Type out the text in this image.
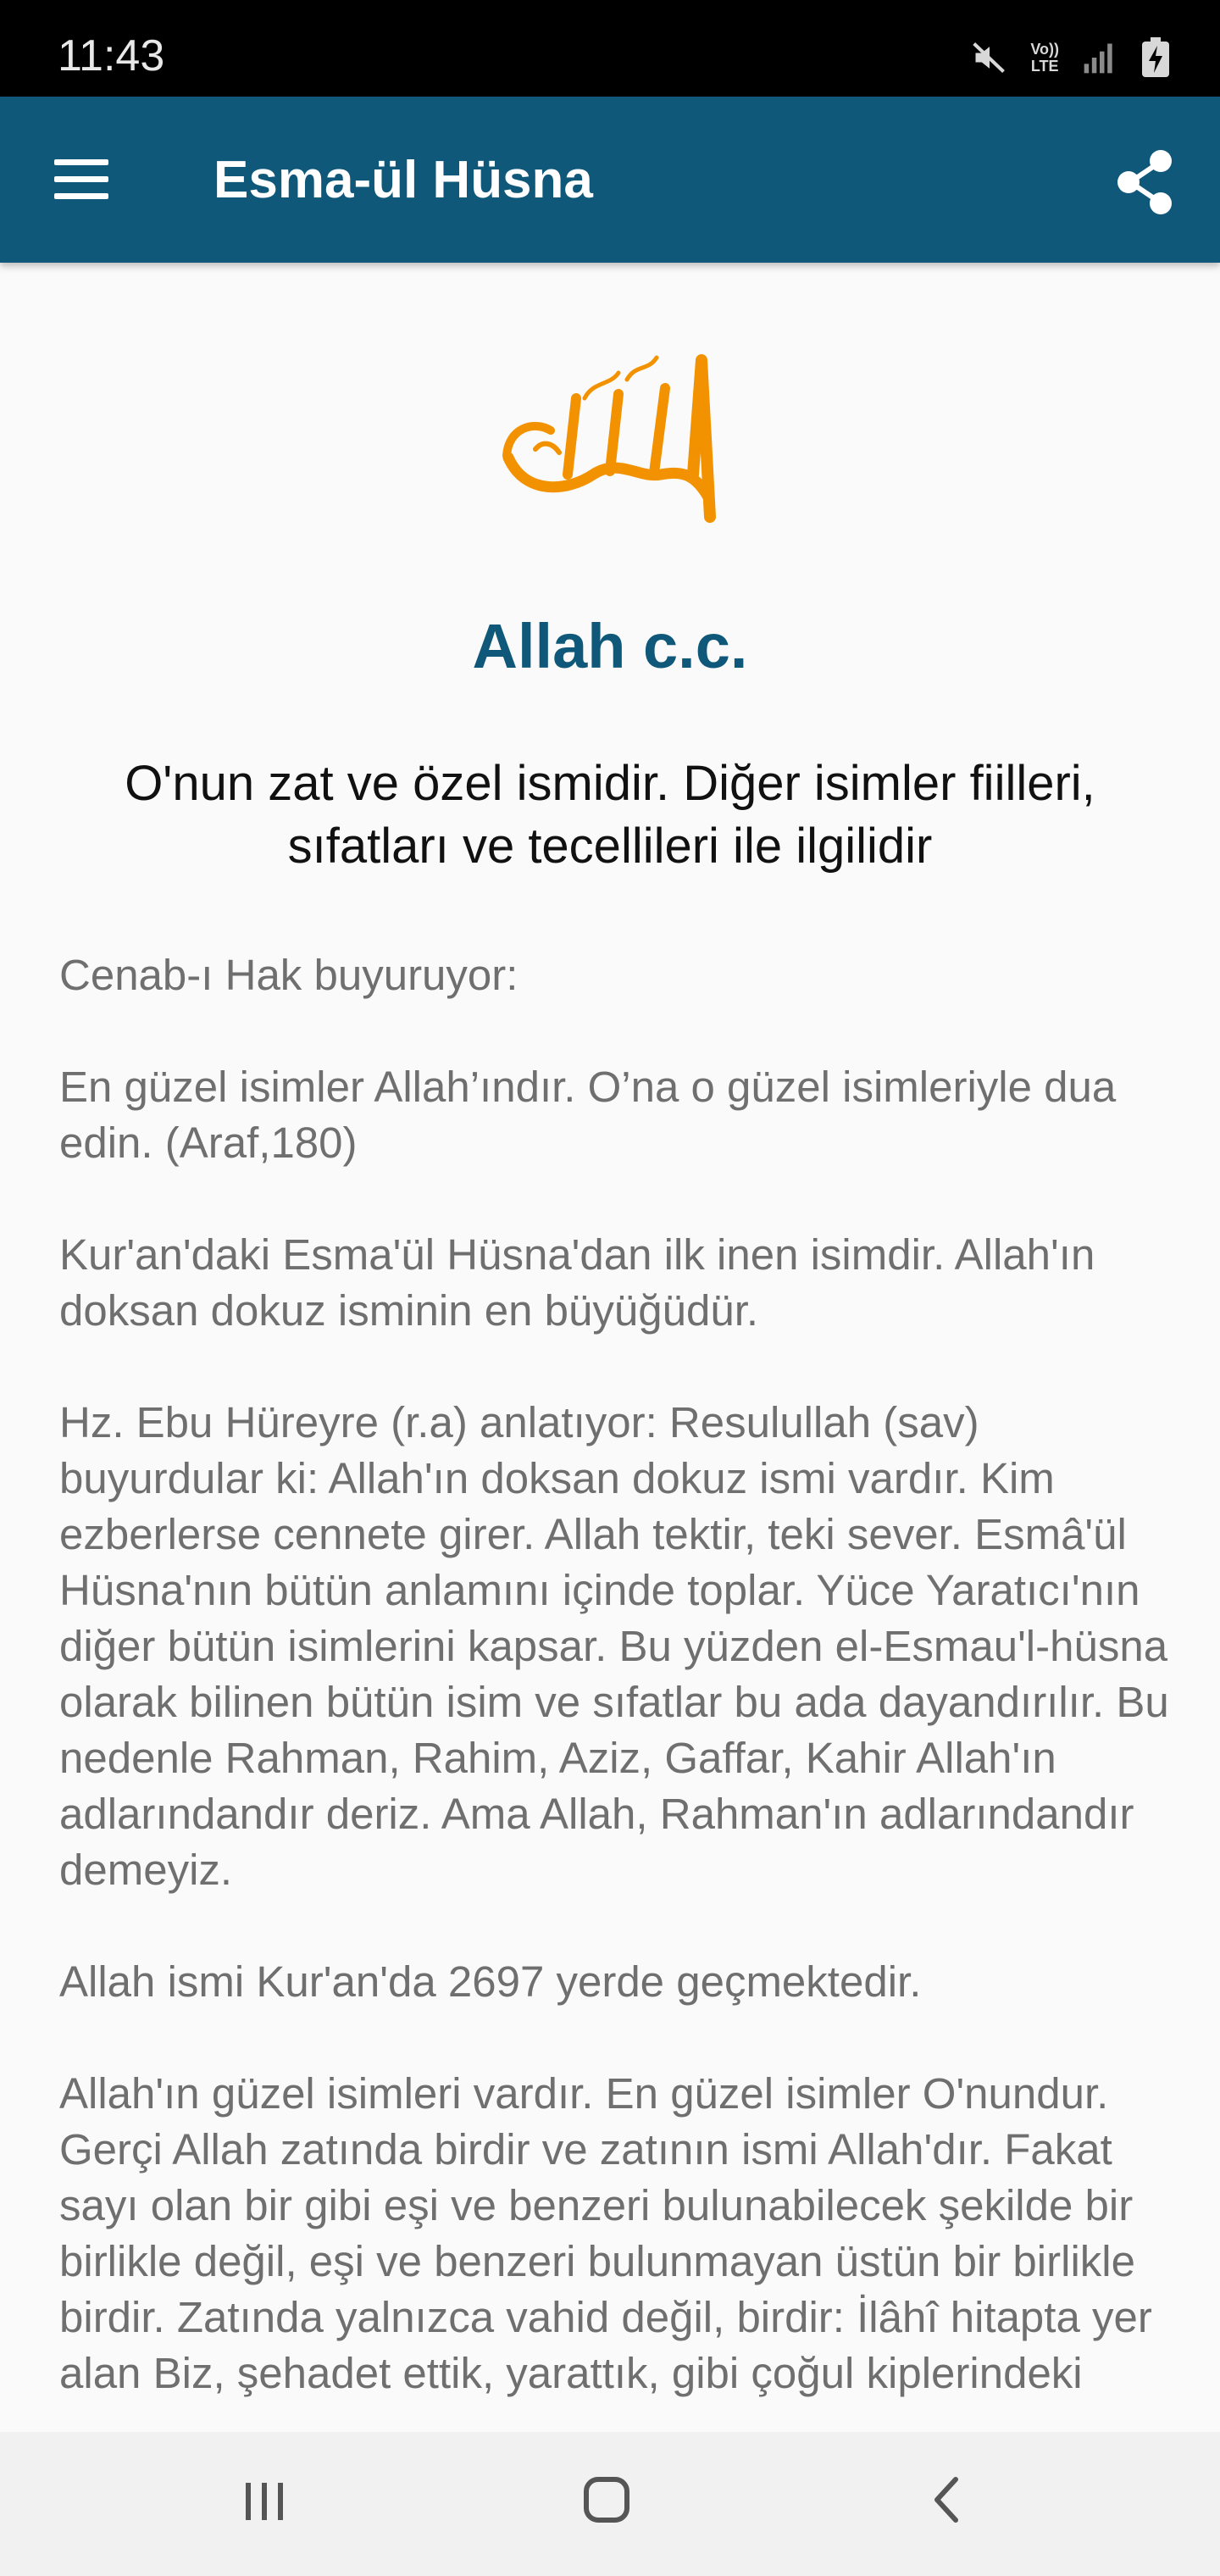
11:43	Vo))
LTE
Esma-ül Hüsna
Allah c.c.
O'nun zat ve özel ismidir. Diğer isimler fiilleri, sıfatları ve tecellileri ile ilgilidir

Cenab-ı Hak buyuruyor:

En güzel isimler Allah’ındır. O’na o güzel isimleriyle dua edin. (Araf,180)

Kur'an'daki Esma'ül Hüsna'dan ilk inen isimdir. Allah'ın doksan dokuz isminin en büyüğüdür.

Hz. Ebu Hüreyre (r.a) anlatıyor: Resulullah (sav) buyurdular ki: Allah'ın doksan dokuz ismi vardır. Kim ezberlerse cennete girer. Allah tektir, teki sever. Esmâ'ül Hüsna'nın bütün anlamını içinde toplar. Yüce Yaratıcı'nın diğer bütün isimlerini kapsar. Bu yüzden el-Esmau'l-hüsna olarak bilinen bütün isim ve sıfatlar bu ada dayandırılır. Bu nedenle Rahman, Rahim, Aziz, Gaffar, Kahir Allah'ın adlarındandır deriz. Ama Allah, Rahman'ın adlarındandır demeyiz.

Allah ismi Kur'an'da 2697 yerde geçmektedir.

Allah'ın güzel isimleri vardır. En güzel isimler O'nundur. Gerçi Allah zatında birdir ve zatının ismi Allah'dır. Fakat sayı olan bir gibi eşi ve benzeri bulunabilecek şekilde bir birlikle değil, eşi ve benzeri bulunmayan üstün bir birlikle birdir. Zatında yalnızca vahid değil, birdir: İlâhî hitapta yer alan Biz, şehadet ettik, yarattık, gibi çoğul kiplerindeki
